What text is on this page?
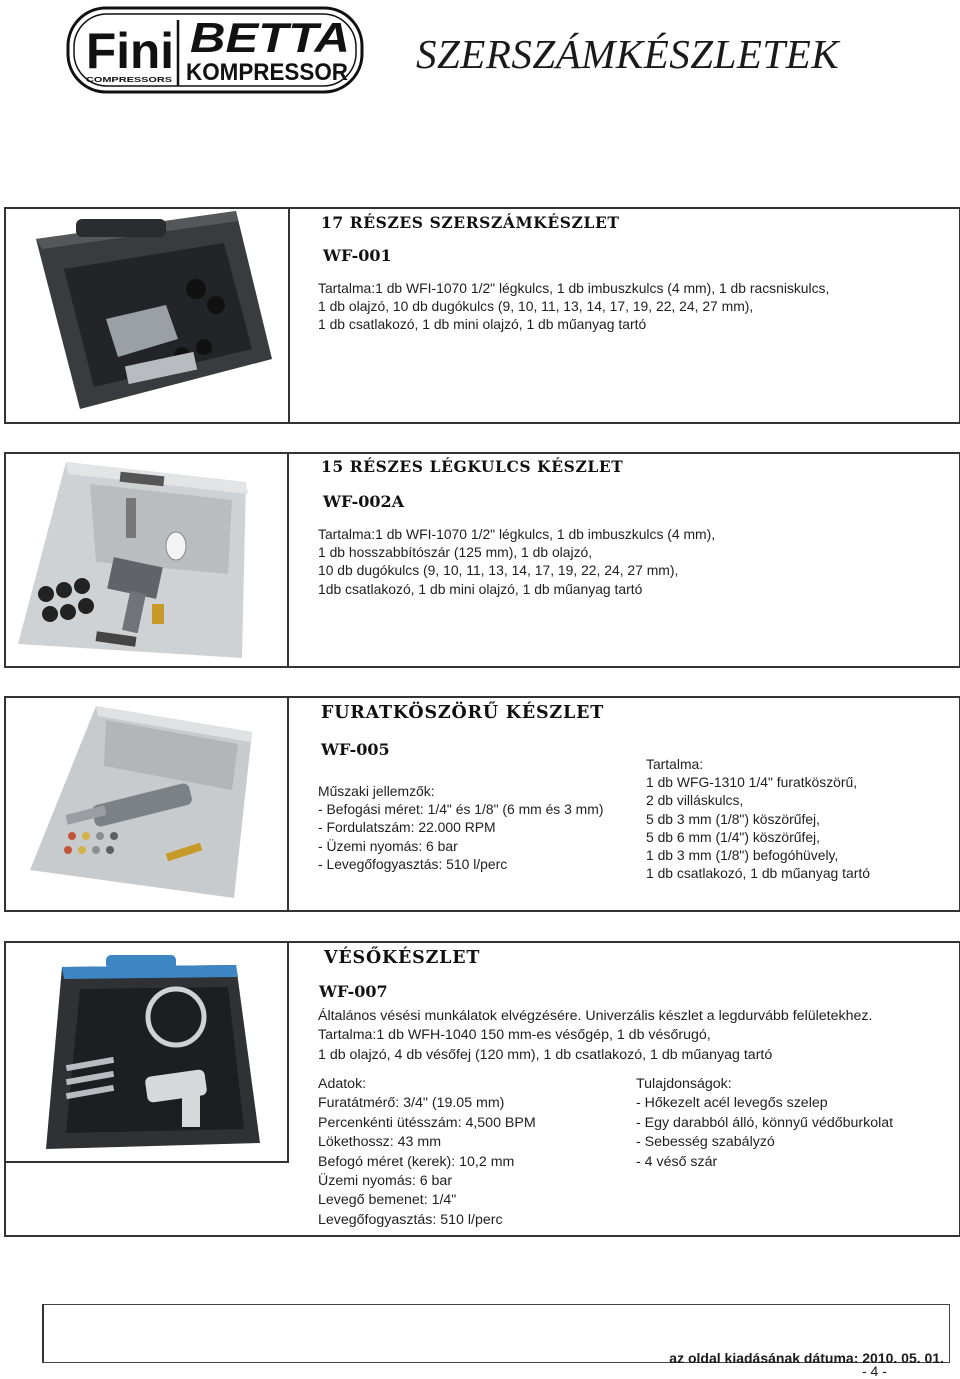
Fini
COMPRESSORS
BETTA
KOMPRESSOR SZERSZÁMKÉSZLETEK
17 RÉSZES SZERSZÁMKÉSZLET
WF-001
Tartalma:1 db WFI-1070 1/2" légkulcs, 1 db imbuszkulcs (4 mm), 1 db racsniskulcs,
1 db olajzó, 10 db dugókulcs (9, 10, 11, 13, 14, 17, 19, 22, 24, 27 mm),
1 db csatlakozó, 1 db mini olajzó, 1 db műanyag tartó
15 RÉSZES LÉGKULCS KÉSZLET
WF-002A
Tartalma:1 db WFI-1070 1/2" légkulcs, 1 db imbuszkulcs (4 mm),
1 db hosszabbítószár (125 mm), 1 db olajzó,
10 db dugókulcs (9, 10, 11, 13, 14, 17, 19, 22, 24, 27 mm),
1db csatlakozó, 1 db mini olajzó, 1 db műanyag tartó
FURATKÖSZÖRŰ KÉSZLET
WF-005
Műszaki jellemzők:
- Befogási méret: 1/4" és 1/8" (6 mm és 3 mm)
- Fordulatszám: 22.000 RPM
- Üzemi nyomás: 6 bar
- Levegőfogyasztás: 510 l/perc
Tartalma:
1 db WFG-1310 1/4" furatköszörű,
2 db villáskulcs,
5 db 3 mm (1/8") köszörűfej,
5 db 6 mm (1/4") köszörűfej,
1 db 3 mm (1/8") befogóhüvely,
1 db csatlakozó, 1 db műanyag tartó
VÉSŐKÉSZLET
WF-007
Általános vésési munkálatok elvégzésére. Univerzális készlet a legdurvább felületekhez.
Tartalma:1 db WFH-1040 150 mm-es vésőgép, 1 db vésőrugó,
1 db olajzó, 4 db vésőfej (120 mm), 1 db csatlakozó, 1 db műanyag tartó
Adatok:
Furatátmérő: 3/4" (19.05 mm)
Percenkénti ütésszám: 4,500 BPM
Lökethossz: 43 mm
Befogó méret (kerek): 10,2 mm
Üzemi nyomás: 6 bar
Levegő bemenet: 1/4"
Levegőfogyasztás: 510 l/perc
Tulajdonságok:
- Hőkezelt acél levegős szelep
- Egy darabból álló, könnyű védőburkolat
- Sebesség szabályzó
- 4 véső szár

az oldal kiadásának dátuma: 2010. 05. 01.

- 4 -
